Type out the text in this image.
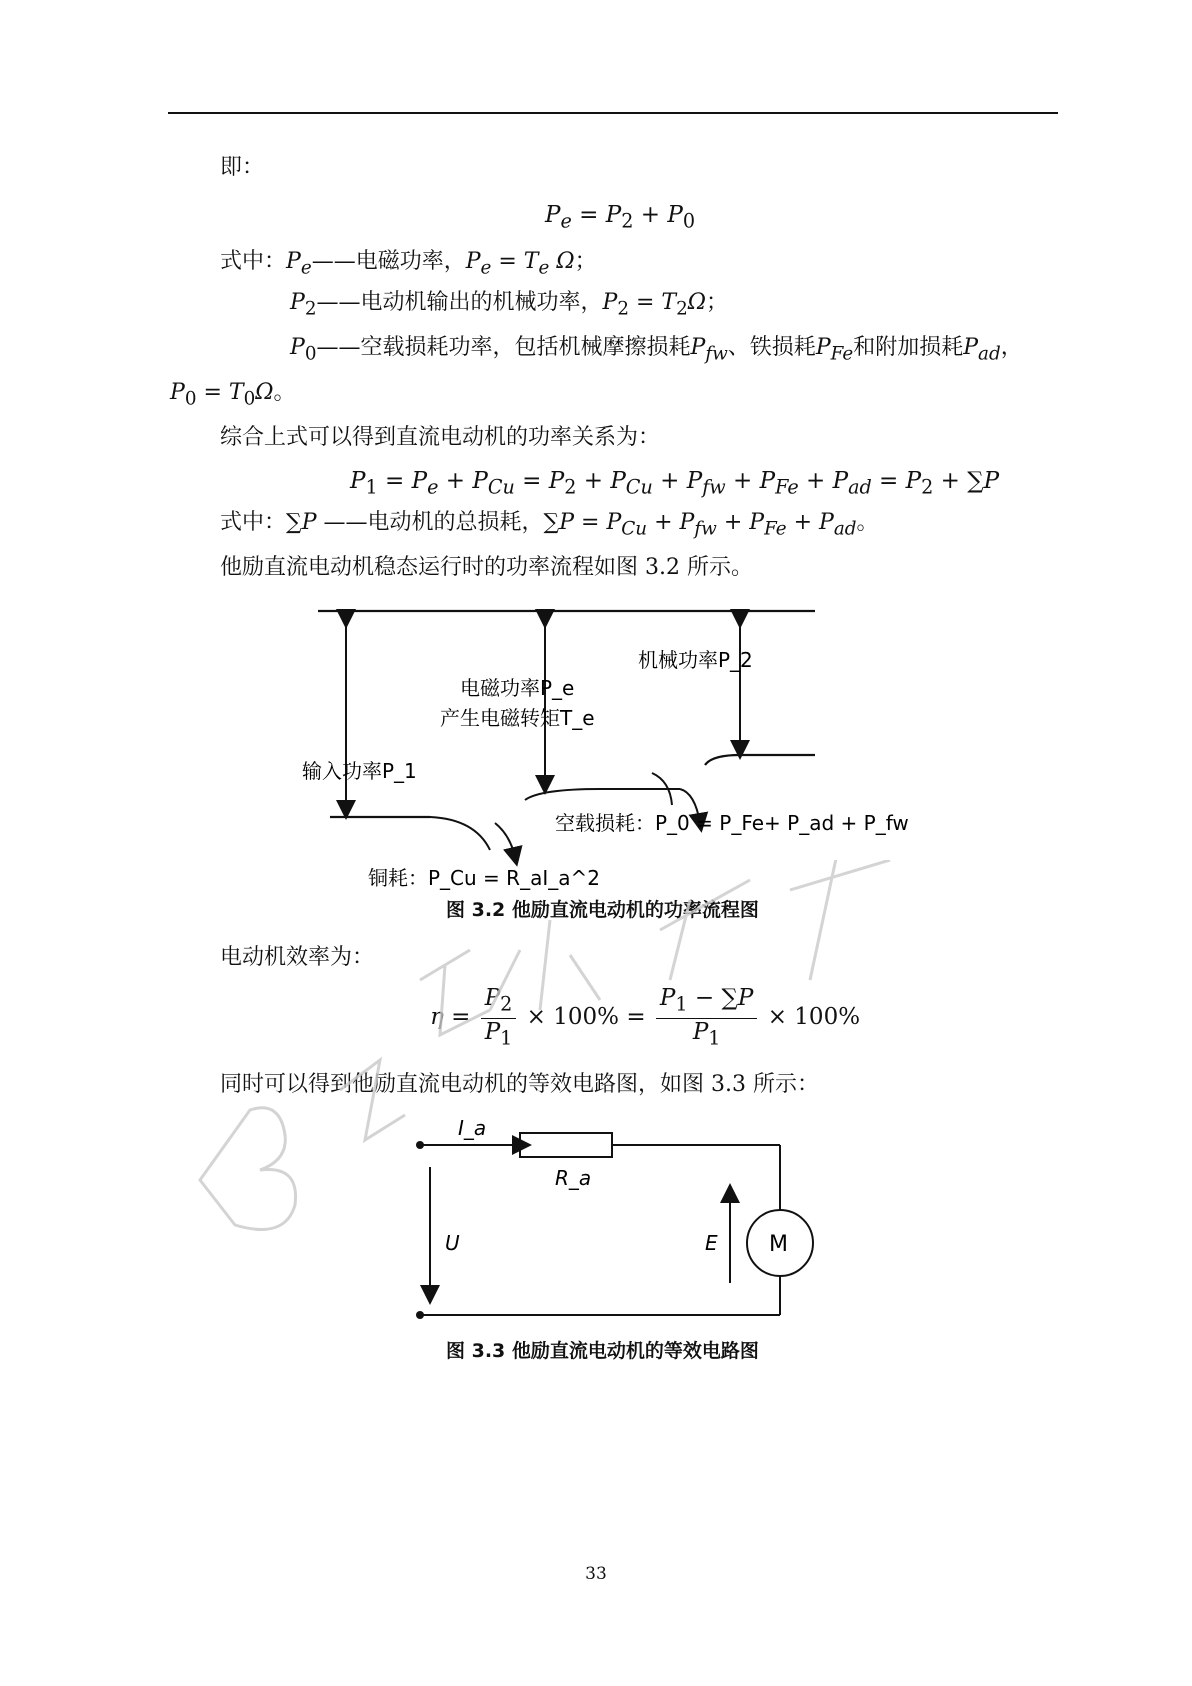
即：
$P_e = P_2 + P_0$
式中：$P_e——$电磁功率，$P_e = T_e$ Ω；
$P_2——$电动机输出的机械功率，$P_2 = T_2\Omega$；
$P_0——$空载损耗功率，包括机械摩擦损耗$P_{fw}$、铁损耗$P_{Fe}$和附加损耗$P_{ad}$，
$P_0 = T_0\Omega$。
综合上式可以得到直流电动机的功率关系为：
$P_1 = P_e + P_{Cu} = P_2 + P_{Cu} + P_{fw} + P_{Fe} + P_{ad} = P_2 + \sum P$
式中：∑P ——电动机的总损耗，$\sum P = P_{Cu} + P_{fw} + P_{Fe} + P_{ad}$。
他励直流电动机稳态运行时的功率流程如图 3.2 所示。
输入功率P_1
电磁功率P_e
产生电磁转矩T_e
机械功率P_2
空载损耗：P_0 = P_Fe+ P_ad + P_fw
铜耗：P_Cu = R_aI_a^2
图 3.2 他励直流电动机的功率流程图
电动机效率为：
$\eta = \frac{P_2}{P_1} \times 100\% = \frac{P_1 - \sum P}{P_1} \times 100\%$
同时可以得到他励直流电动机的等效电路图，如图 3.3 所示：
I_a
R_a
U	E M
图 3.3 他励直流电动机的等效电路图
B站小广告
33
